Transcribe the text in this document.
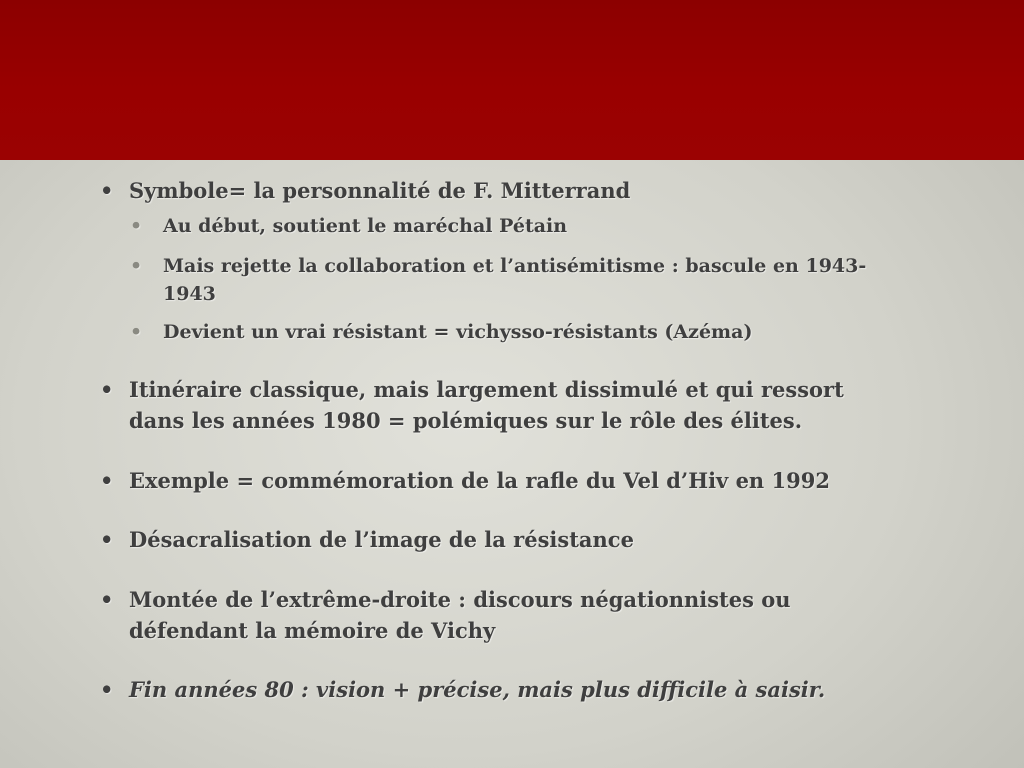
• Symbole= la personnalité de F. Mitterrand
• Au début, soutient le maréchal Pétain
• Mais rejette la collaboration et l’antisémitisme : bascule en 1943-1943
• Devient un vrai résistant = vichysso-résistants (Azéma)
• Itinéraire classique, mais largement dissimulé et qui ressort dans les années 1980 = polémiques sur le rôle des élites.
• Exemple = commémoration de la rafle du Vel d’Hiv en 1992
• Désacralisation de l’image de la résistance
• Montée de l’extrême-droite : discours négationnistes ou défendant la mémoire de Vichy
• Fin années 80 : vision + précise, mais plus difficile à saisir.
